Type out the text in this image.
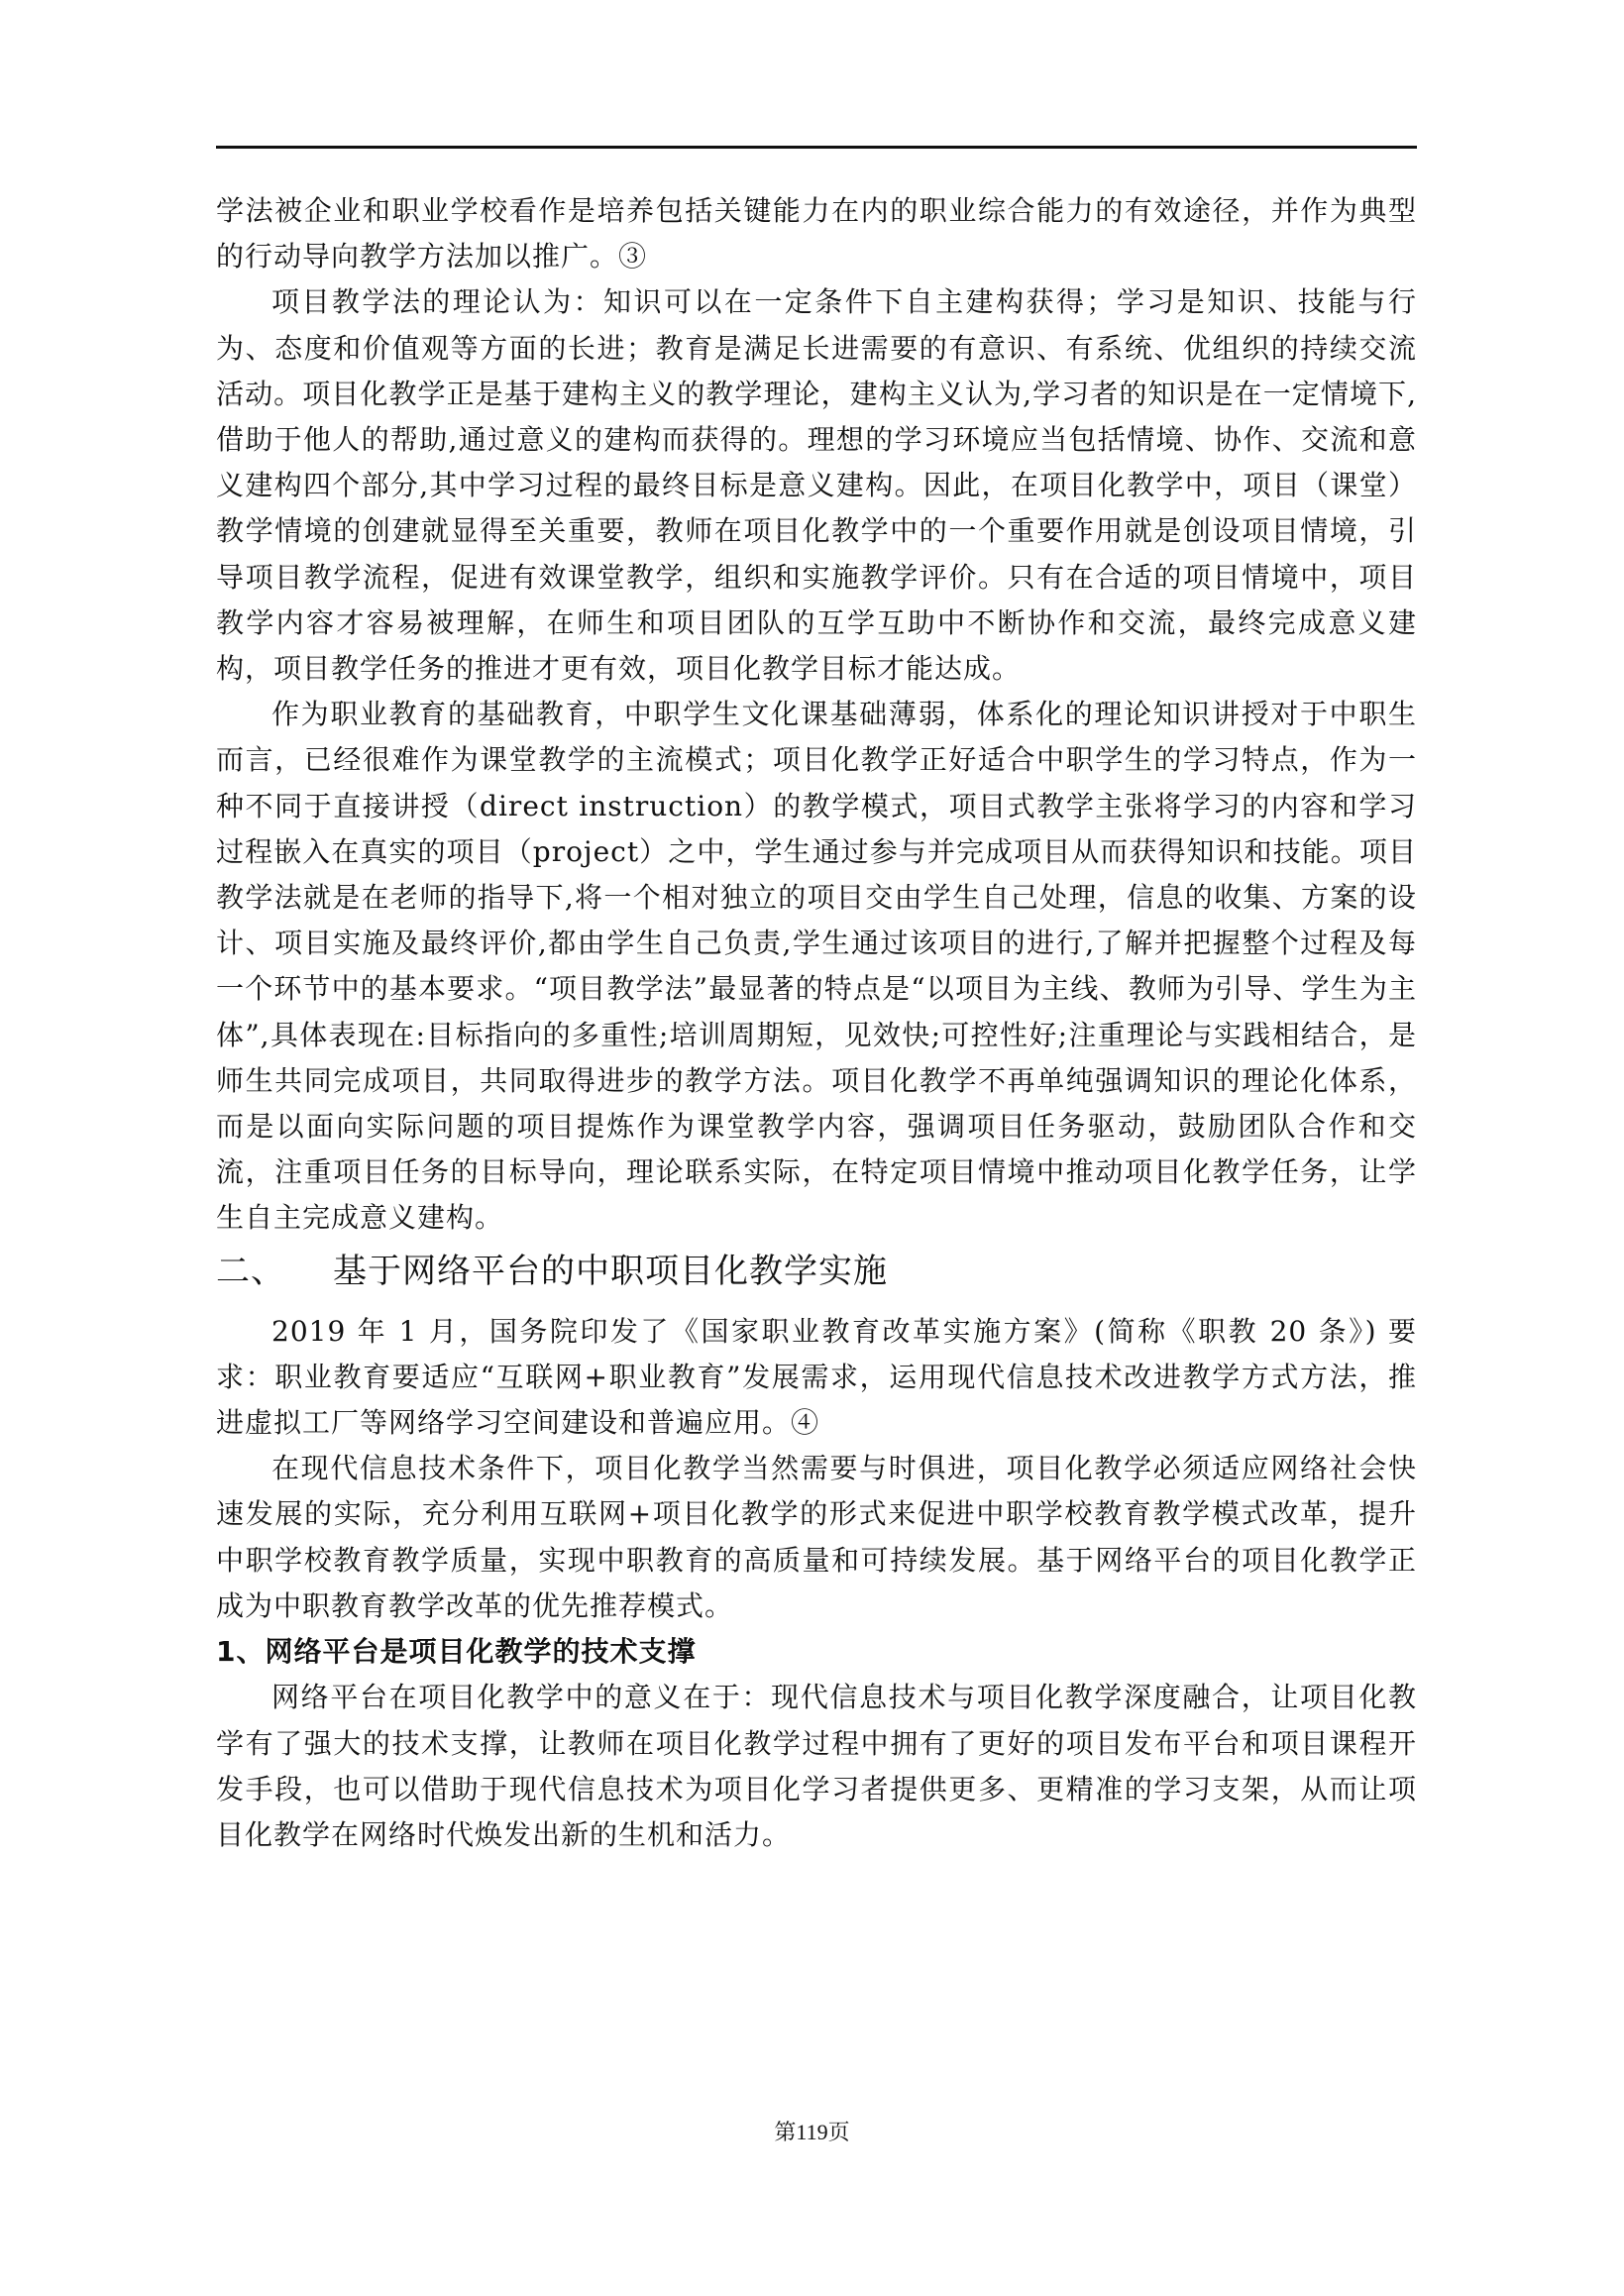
学法被企业和职业学校看作是培养包括关键能力在内的职业综合能力的有效途径，并作为典型的行动导向教学方法加以推广。③

项目教学法的理论认为：知识可以在一定条件下自主建构获得；学习是知识、技能与行为、态度和价值观等方面的长进；教育是满足长进需要的有意识、有系统、优组织的持续交流活动。项目化教学正是基于建构主义的教学理论，建构主义认为,学习者的知识是在一定情境下,借助于他人的帮助,通过意义的建构而获得的。理想的学习环境应当包括情境、协作、交流和意义建构四个部分,其中学习过程的最终目标是意义建构。因此，在项目化教学中，项目（课堂）教学情境的创建就显得至关重要，教师在项目化教学中的一个重要作用就是创设项目情境，引导项目教学流程，促进有效课堂教学，组织和实施教学评价。只有在合适的项目情境中，项目教学内容才容易被理解，在师生和项目团队的互学互助中不断协作和交流，最终完成意义建构，项目教学任务的推进才更有效，项目化教学目标才能达成。

作为职业教育的基础教育，中职学生文化课基础薄弱，体系化的理论知识讲授对于中职生而言，已经很难作为课堂教学的主流模式；项目化教学正好适合中职学生的学习特点，作为一种不同于直接讲授（direct instruction）的教学模式，项目式教学主张将学习的内容和学习过程嵌入在真实的项目（project）之中，学生通过参与并完成项目从而获得知识和技能。项目教学法就是在老师的指导下,将一个相对独立的项目交由学生自己处理，信息的收集、方案的设计、项目实施及最终评价,都由学生自己负责,学生通过该项目的进行,了解并把握整个过程及每一个环节中的基本要求。“项目教学法”最显著的特点是“以项目为主线、教师为引导、学生为主体”,具体表现在:目标指向的多重性;培训周期短，见效快;可控性好;注重理论与实践相结合，是师生共同完成项目，共同取得进步的教学方法。项目化教学不再单纯强调知识的理论化体系，而是以面向实际问题的项目提炼作为课堂教学内容，强调项目任务驱动，鼓励团队合作和交流，注重项目任务的目标导向，理论联系实际，在特定项目情境中推动项目化教学任务，让学生自主完成意义建构。

二、 基于网络平台的中职项目化教学实施

2019 年 1 月，国务院印发了《国家职业教育改革实施方案》(简称《职教 20 条》) 要求：职业教育要适应“互联网+职业教育”发展需求，运用现代信息技术改进教学方式方法，推进虚拟工厂等网络学习空间建设和普遍应用。④

在现代信息技术条件下，项目化教学当然需要与时俱进，项目化教学必须适应网络社会快速发展的实际，充分利用互联网+项目化教学的形式来促进中职学校教育教学模式改革，提升中职学校教育教学质量，实现中职教育的高质量和可持续发展。基于网络平台的项目化教学正成为中职教育教学改革的优先推荐模式。

1、网络平台是项目化教学的技术支撑

网络平台在项目化教学中的意义在于：现代信息技术与项目化教学深度融合，让项目化教学有了强大的技术支撑，让教师在项目化教学过程中拥有了更好的项目发布平台和项目课程开发手段，也可以借助于现代信息技术为项目化学习者提供更多、更精准的学习支架，从而让项目化教学在网络时代焕发出新的生机和活力。

第119页
